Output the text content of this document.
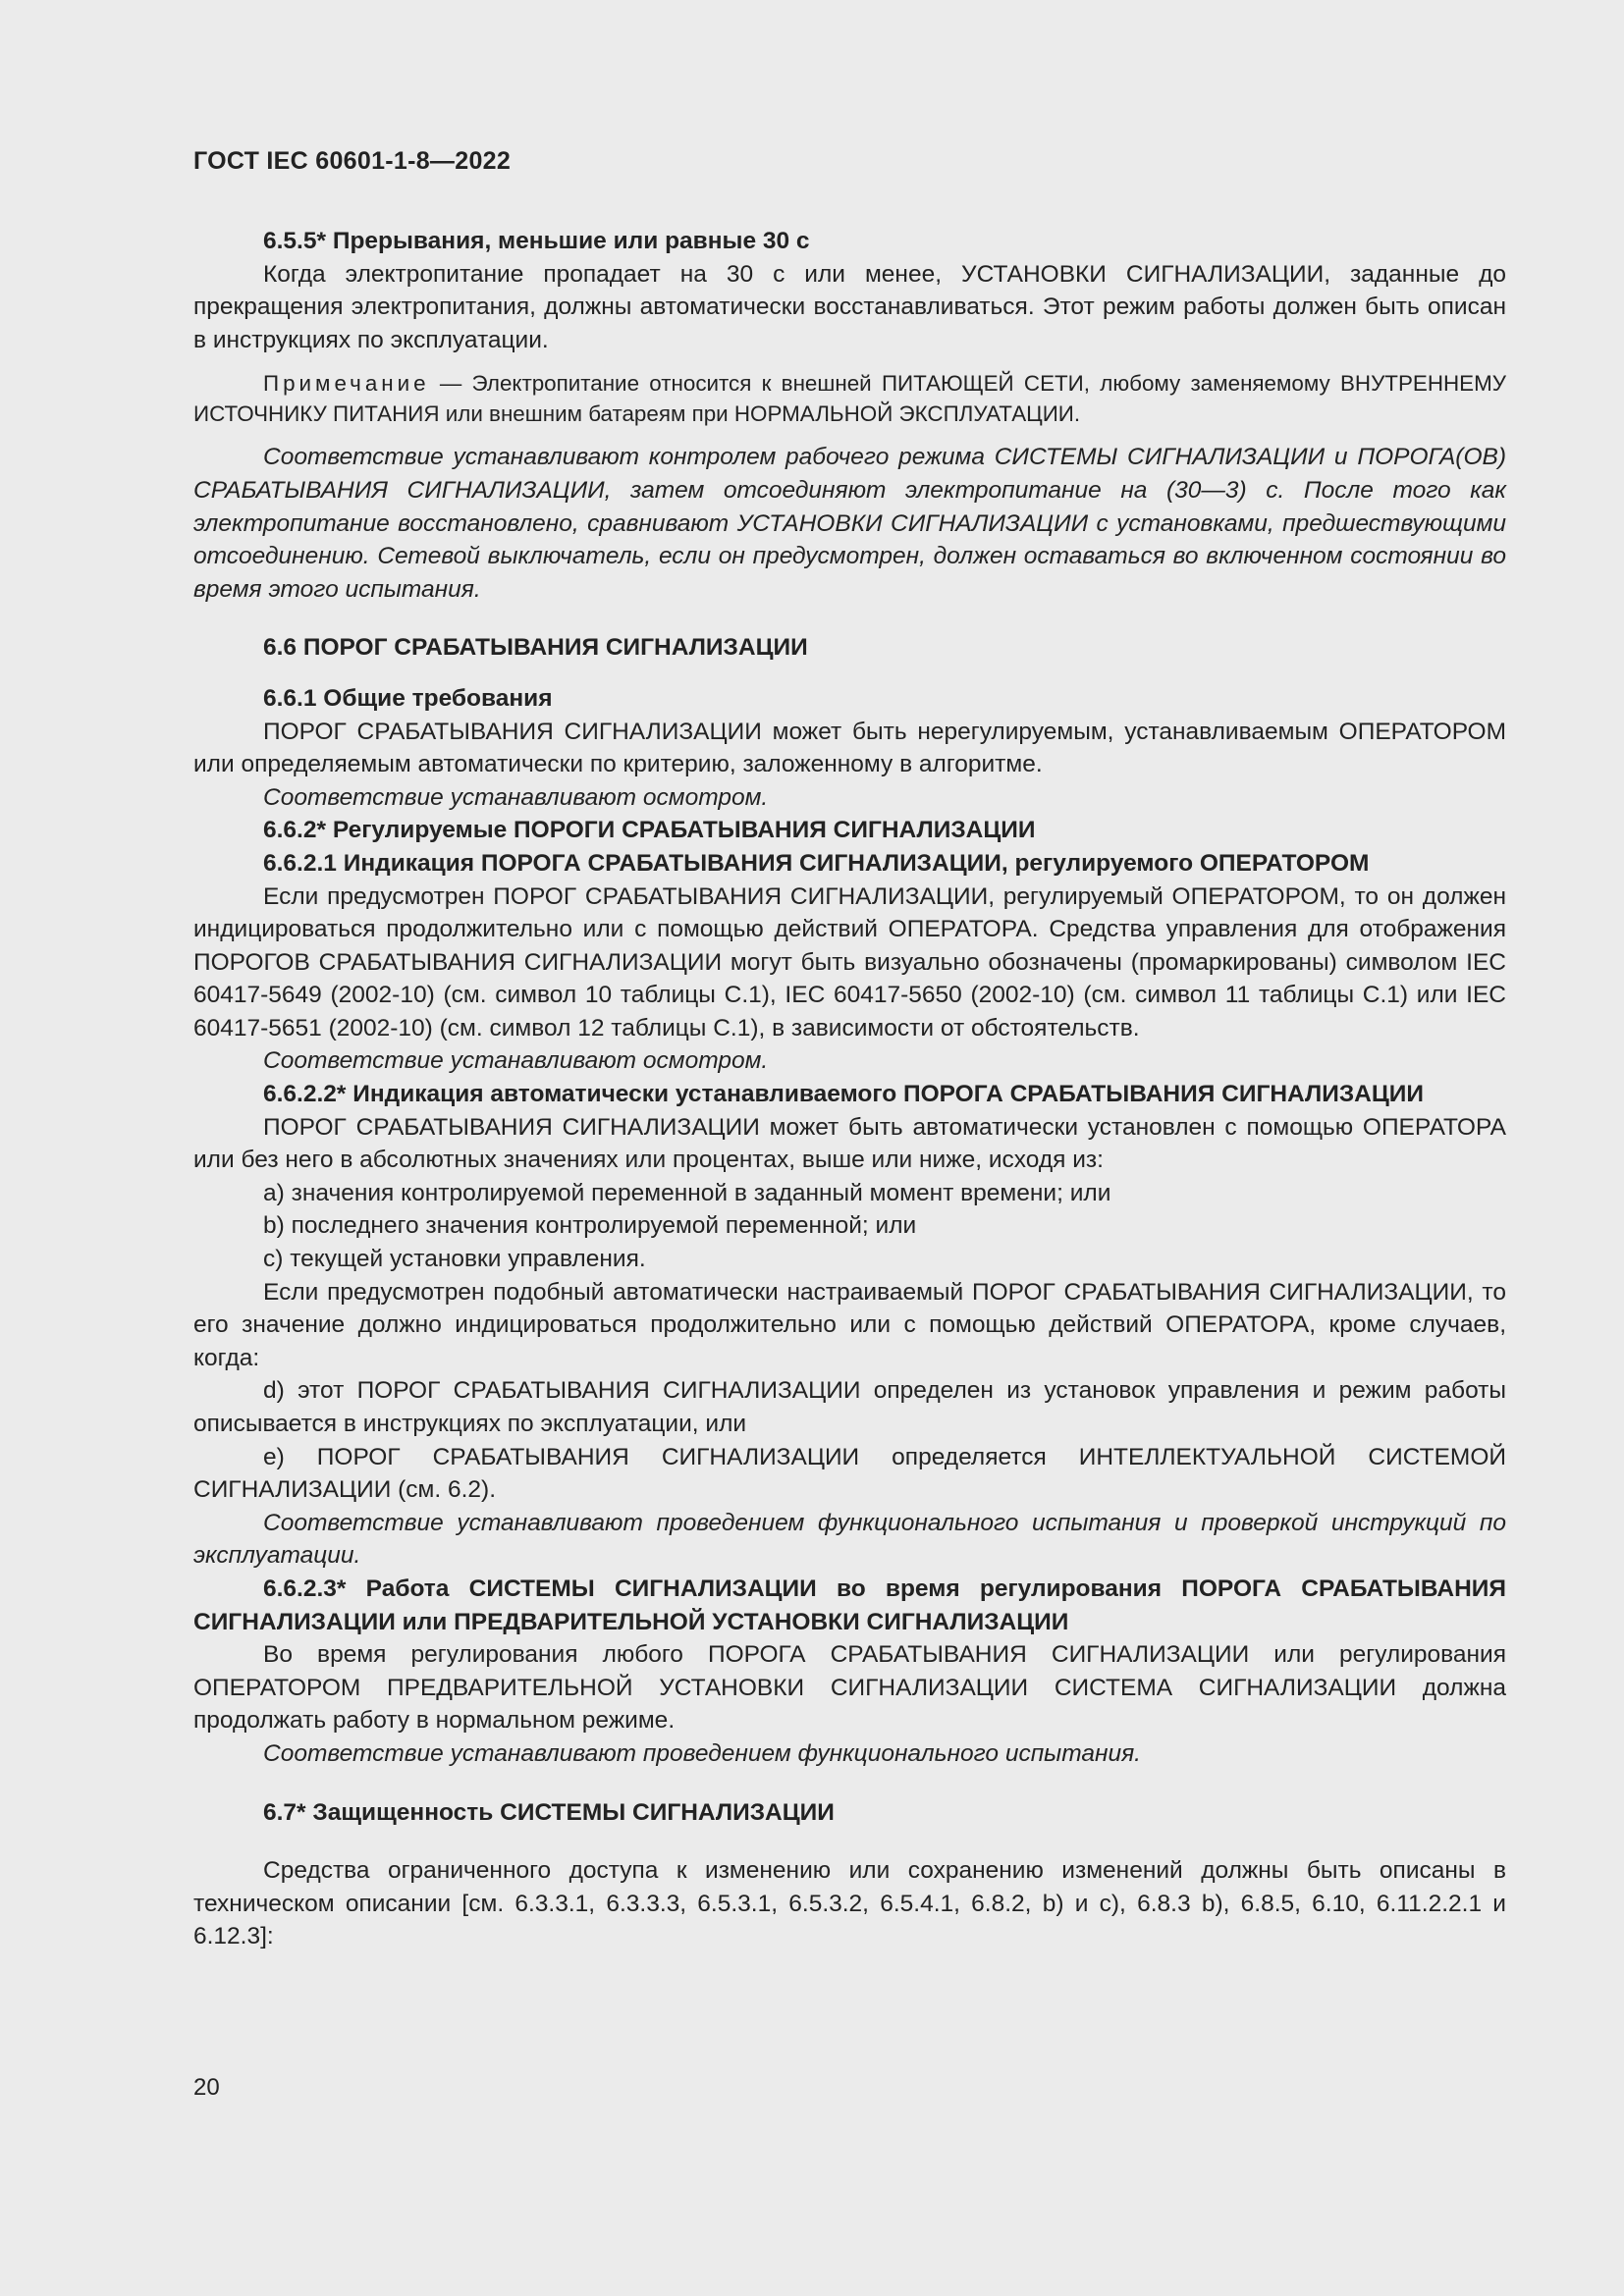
ГОСТ IEC 60601-1-8—2022

6.5.5* Прерывания, меньшие или равные 30 с

Когда электропитание пропадает на 30 с или менее, УСТАНОВКИ СИГНАЛИЗАЦИИ, заданные до прекращения электропитания, должны автоматически восстанавливаться. Этот режим работы должен быть описан в инструкциях по эксплуатации.

Примечание — Электропитание относится к внешней ПИТАЮЩЕЙ СЕТИ, любому заменяемому ВНУТРЕННЕМУ ИСТОЧНИКУ ПИТАНИЯ или внешним батареям при НОРМАЛЬНОЙ ЭКСПЛУАТАЦИИ.

Соответствие устанавливают контролем рабочего режима СИСТЕМЫ СИГНАЛИЗАЦИИ и ПОРОГА(ОВ) СРАБАТЫВАНИЯ СИГНАЛИЗАЦИИ, затем отсоединяют электропитание на (30—3) с. После того как электропитание восстановлено, сравнивают УСТАНОВКИ СИГНАЛИЗАЦИИ с установками, предшествующими отсоединению. Сетевой выключатель, если он предусмотрен, должен оставаться во включенном состоянии во время этого испытания.

6.6 ПОРОГ СРАБАТЫВАНИЯ СИГНАЛИЗАЦИИ

6.6.1 Общие требования

ПОРОГ СРАБАТЫВАНИЯ СИГНАЛИЗАЦИИ может быть нерегулируемым, устанавливаемым ОПЕРАТОРОМ или определяемым автоматически по критерию, заложенному в алгоритме.

Соответствие устанавливают осмотром.

6.6.2* Регулируемые ПОРОГИ СРАБАТЫВАНИЯ СИГНАЛИЗАЦИИ

6.6.2.1 Индикация ПОРОГА СРАБАТЫВАНИЯ СИГНАЛИЗАЦИИ, регулируемого ОПЕРАТОРОМ

Если предусмотрен ПОРОГ СРАБАТЫВАНИЯ СИГНАЛИЗАЦИИ, регулируемый ОПЕРАТОРОМ, то он должен индицироваться продолжительно или с помощью действий ОПЕРАТОРА. Средства управления для отображения ПОРОГОВ СРАБАТЫВАНИЯ СИГНАЛИЗАЦИИ могут быть визуально обозначены (промаркированы) символом IEC 60417-5649 (2002-10) (см. символ 10 таблицы С.1), IEC 60417-5650 (2002-10) (см. символ 11 таблицы С.1) или IEC 60417-5651 (2002-10) (см. символ 12 таблицы С.1), в зависимости от обстоятельств.

Соответствие устанавливают осмотром.

6.6.2.2* Индикация автоматически устанавливаемого ПОРОГА СРАБАТЫВАНИЯ СИГНАЛИЗАЦИИ

ПОРОГ СРАБАТЫВАНИЯ СИГНАЛИЗАЦИИ может быть автоматически установлен с помощью ОПЕРАТОРА или без него в абсолютных значениях или процентах, выше или ниже, исходя из:

a) значения контролируемой переменной в заданный момент времени; или

b) последнего значения контролируемой переменной; или

c) текущей установки управления.

Если предусмотрен подобный автоматически настраиваемый ПОРОГ СРАБАТЫВАНИЯ СИГНАЛИЗАЦИИ, то его значение должно индицироваться продолжительно или с помощью действий ОПЕРАТОРА, кроме случаев, когда:

d) этот ПОРОГ СРАБАТЫВАНИЯ СИГНАЛИЗАЦИИ определен из установок управления и режим работы описывается в инструкциях по эксплуатации, или

e) ПОРОГ СРАБАТЫВАНИЯ СИГНАЛИЗАЦИИ определяется ИНТЕЛЛЕКТУАЛЬНОЙ СИСТЕМОЙ СИГНАЛИЗАЦИИ (см. 6.2).

Соответствие устанавливают проведением функционального испытания и проверкой инструкций по эксплуатации.

6.6.2.3* Работа СИСТЕМЫ СИГНАЛИЗАЦИИ во время регулирования ПОРОГА СРАБАТЫВАНИЯ СИГНАЛИЗАЦИИ или ПРЕДВАРИТЕЛЬНОЙ УСТАНОВКИ СИГНАЛИЗАЦИИ

Во время регулирования любого ПОРОГА СРАБАТЫВАНИЯ СИГНАЛИЗАЦИИ или регулирования ОПЕРАТОРОМ ПРЕДВАРИТЕЛЬНОЙ УСТАНОВКИ СИГНАЛИЗАЦИИ СИСТЕМА СИГНАЛИЗАЦИИ должна продолжать работу в нормальном режиме.

Соответствие устанавливают проведением функционального испытания.

6.7* Защищенность СИСТЕМЫ СИГНАЛИЗАЦИИ

Средства ограниченного доступа к изменению или сохранению изменений должны быть описаны в техническом описании [см. 6.3.3.1, 6.3.3.3, 6.5.3.1, 6.5.3.2, 6.5.4.1, 6.8.2, b) и c), 6.8.3 b), 6.8.5, 6.10, 6.11.2.2.1 и 6.12.3]:

20
